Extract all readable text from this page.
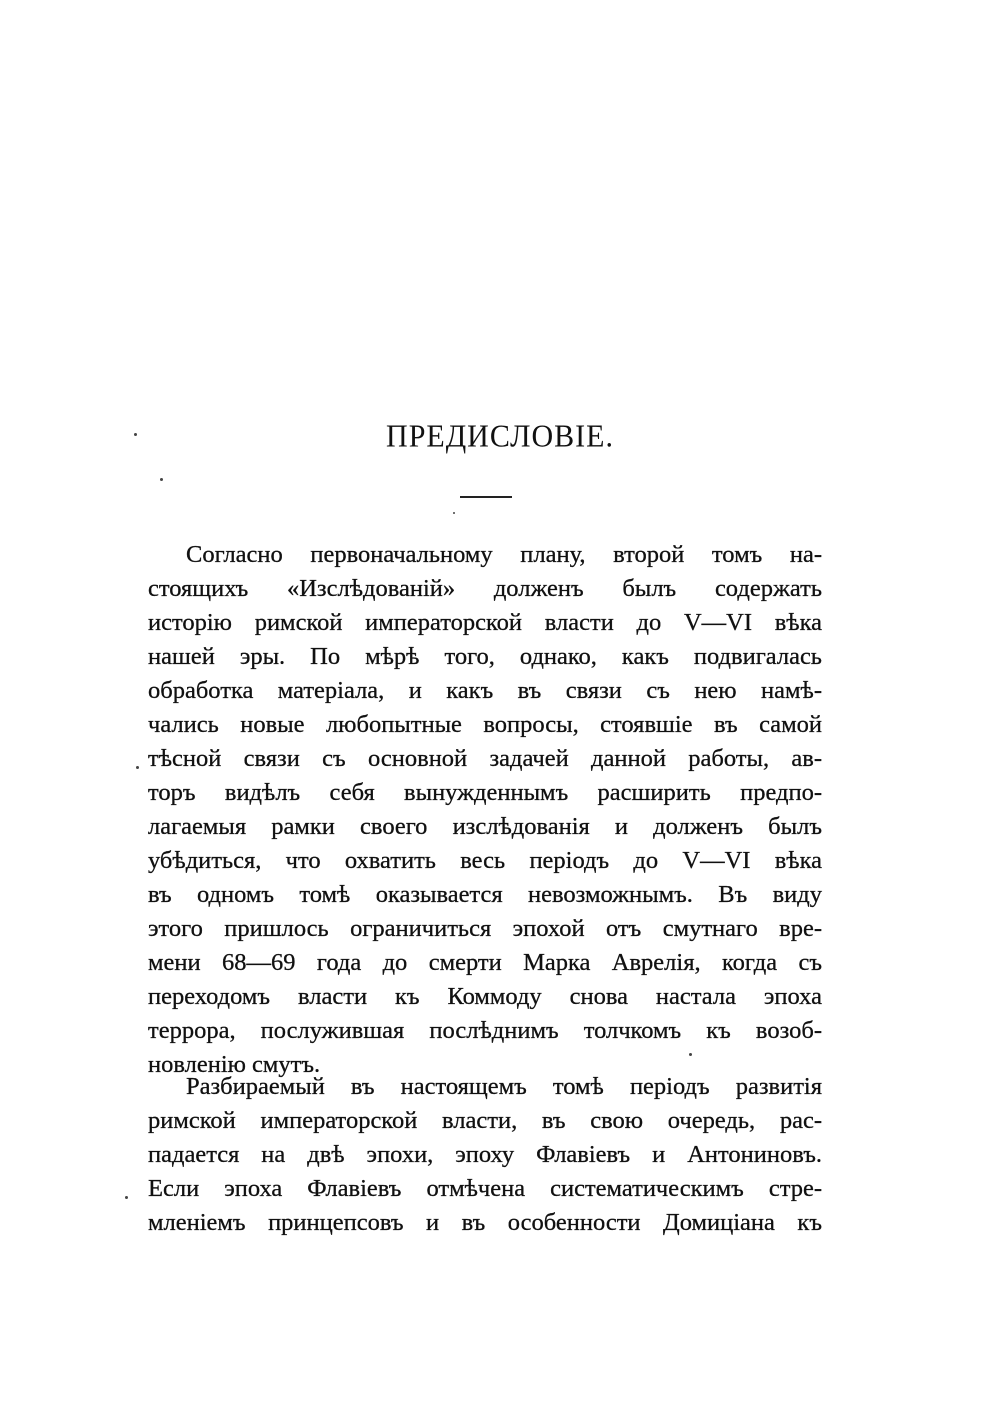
ПРЕДИСЛОВІЕ.
Согласно первоначальному плану, второй томъ на-
стоящихъ «Изслѣдованій» долженъ былъ содержать
исторію римской императорской власти до V—VI вѣка
нашей эры. По мѣрѣ того, однако, какъ подвигалась
обработка матеріала, и какъ въ связи съ нею намѣ-
чались новые любопытные вопросы, стоявшіе въ самой
тѣсной связи съ основной задачей данной работы, ав-
торъ видѣлъ себя вынужденнымъ расширить предпо-
лагаемыя рамки своего изслѣдованія и долженъ былъ
убѣдиться, что охватить весь періодъ до V—VI вѣка
въ одномъ томѣ оказывается невозможнымъ. Въ виду
этого пришлось ограничиться эпохой отъ смутнаго вре-
мени 68—69 года до смерти Марка Аврелія, когда съ
переходомъ власти къ Коммоду снова настала эпоха
террора, послужившая послѣднимъ толчкомъ къ возоб-
новленію смутъ.
Разбираемый въ настоящемъ томѣ періодъ развитія
римской императорской власти, въ свою очередь, рас-
падается на двѣ эпохи, эпоху Флавіевъ и Антониновъ.
Если эпоха Флавіевъ отмѣчена систематическимъ стре-
мленіемъ принцепсовъ и въ особенности Домиціана къ
